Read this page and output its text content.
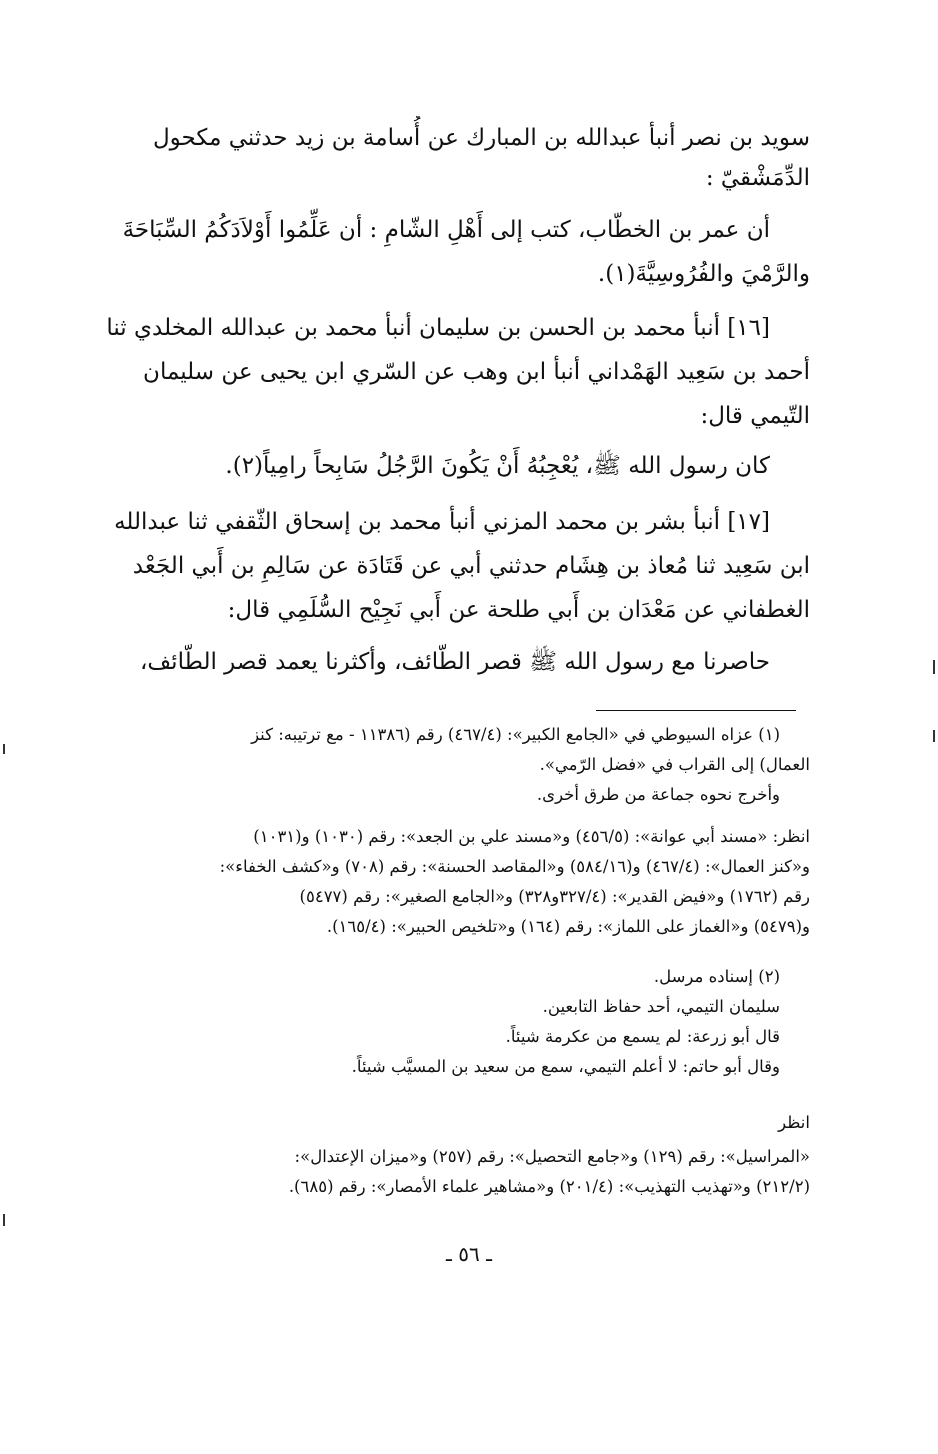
سويد بن نصر أنبأ عبدالله بن المبارك عن أُسامة بن زيد حدثني مكحول
الدِّمَشْقيّ :
أن عمر بن الخطّاب، كتب إلى أَهْلِ الشّامِ : أن عَلِّمُوا أَوْلاَدَكُمُ السِّبَاحَةَ
والرَّمْيَ والفُرُوسِيَّةَ(١).
[١٦] أنبأ محمد بن الحسن بن سليمان أنبأ محمد بن عبدالله المخلدي ثنا
أحمد بن سَعِيد الهَمْداني أنبأ ابن وهب عن السّري ابن يحيى عن سليمان
التّيمي قال:
كان رسول الله ﷺ، يُعْجِبُهُ أَنْ يَكُونَ الرَّجُلُ سَابِحاً رامِياً(٢).
[١٧] أنبأ بشر بن محمد المزني أنبأ محمد بن إسحاق الثّقفي ثنا عبدالله
ابن سَعِيد ثنا مُعاذ بن هِشَام حدثني أبي عن قَتَادَة عن سَالِمِ بن أَبي الجَعْد
الغطفاني عن مَعْدَان بن أَبي طلحة عن أَبي نَجِيْح السُّلَمِي قال:
حاصرنا مع رسول الله ﷺ قصر الطّائف، وأكثرنا يعمد قصر الطّائف،
(١) عزاه السيوطي في «الجامع الكبير»: (٤٦٧/٤) رقم (١١٣٨٦ - مع ترتيبه: كنز
العمال) إلى القراب في «فضل الرّمي».
وأخرج نحوه جماعة من طرق أخرى.
انظر: «مسند أبي عوانة»: (٤٥٦/٥) و«مسند علي بن الجعد»: رقم (١٠٣٠) و(١٠٣١)
و«كنز العمال»: (٤٦٧/٤) و(٥٨٤/١٦) و«المقاصد الحسنة»: رقم (٧٠٨) و«كشف الخفاء»:
رقم (١٧٦٢) و«فيض القدير»: (٣٢٧/٤و٣٢٨) و«الجامع الصغير»: رقم (٥٤٧٧)
و(٥٤٧٩) و«الغماز على اللماز»: رقم (١٦٤) و«تلخيص الحبير»: (١٦٥/٤).
(٢) إسناده مرسل.
سليمان التيمي، أحد حفاظ التابعين.
قال أبو زرعة: لم يسمع من عكرمة شيئاً.
وقال أبو حاتم: لا أعلم التيمي، سمع من سعيد بن المسيَّب شيئاً.
انظر
«المراسيل»: رقم (١٢٩) و«جامع التحصيل»: رقم (٢٥٧) و«ميزان الإعتدال»:
(٢١٢/٢) و«تهذيب التهذيب»: (٢٠١/٤) و«مشاهير علماء الأمصار»: رقم (٦٨٥).
ـ ٥٦ ـ
